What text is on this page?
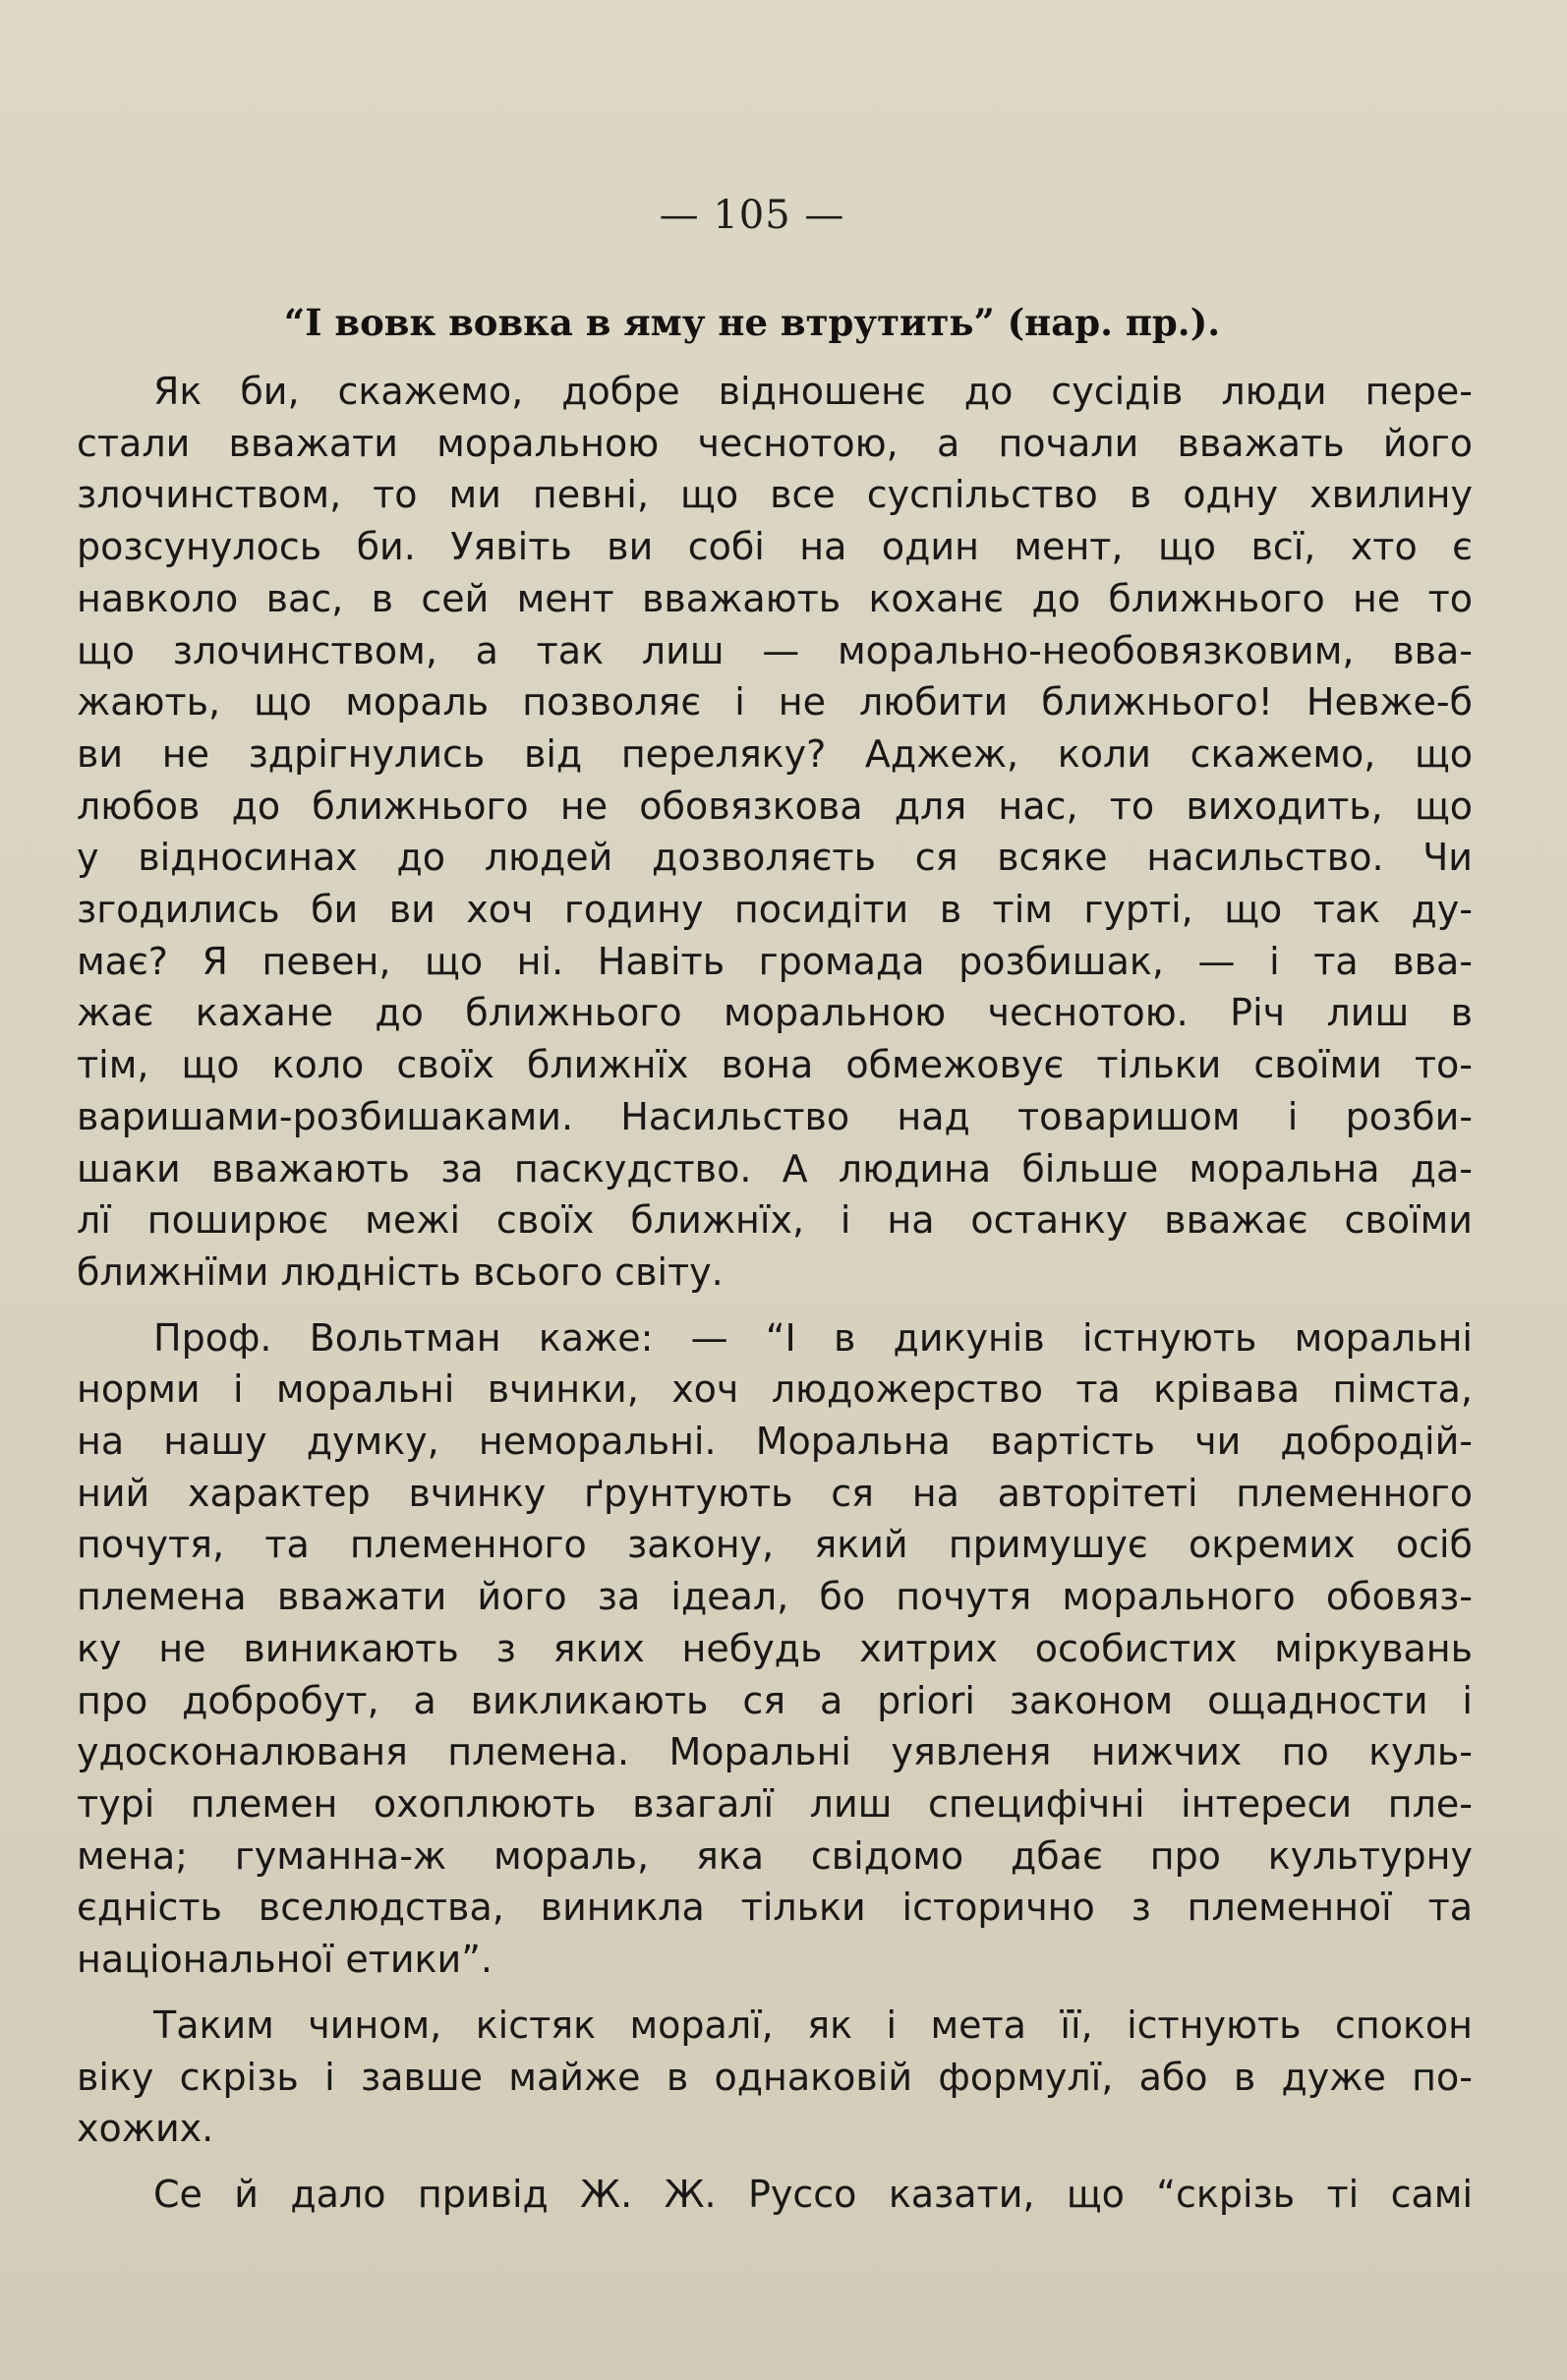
— 105 —
“І вовк вовка в яму не втрутить” (нар. пр.).
Як би, скажемо, добре відношенє до сусідів люди пере-
стали вважати моральною чеснотою, а почали вважать його
злочинством, то ми певні, що все суспільство в одну хвилину
розсунулось би. Уявіть ви собі на один мент, що всї, хто є
навколо вас, в сей мент вважають коханє до ближнього не то
що злочинством, а так лиш — морально-необовязковим, вва-
жають, що мораль позволяє і не любити ближнього! Невже-б
ви не здрігнулись від переляку? Аджеж, коли скажемо, що
любов до ближнього не обовязкова для нас, то виходить, що
у відносинах до людей дозволяєть ся всяке насильство. Чи
згодились би ви хоч годину посидіти в тім гурті, що так ду-
має? Я певен, що ні. Навіть громада розбишак, — і та вва-
жає кахане до ближнього моральною чеснотою. Річ лиш в
тім, що коло своїх ближнїх вона обмежовує тільки своїми то-
варишами-розбишаками. Насильство над товаришом і розби-
шаки вважають за паскудство. А людина більше моральна да-
лї поширює межі своїх ближнїх, і на останку вважає своїми
ближнїми людність всього світу.
Проф. Вольтман каже: — “І в дикунів істнують моральні
норми і моральні вчинки, хоч людожерство та крівава пімста,
на нашу думку, неморальні. Моральна вартість чи добродій-
ний характер вчинку ґрунтують ся на авторітеті племенного
почутя, та племенного закону, який примушує окремих осіб
племена вважати його за ідеал, бо почутя морального обовяз-
ку не виникають з яких небудь хитрих особистих міркувань
про добробут, а викликають ся a priori законом ощадности і
удосконалюваня племена. Моральні уявленя нижчих по куль-
турі племен охоплюють взагалї лиш специфічні інтереси пле-
мена; гуманна-ж мораль, яка свідомо дбає про культурну
єдність вселюдства, виникла тільки історично з племенної та
національної етики”.
Таким чином, кістяк моралї, як і мета її, істнують спокон
віку скрізь і завше майже в однаковій формулї, або в дуже по-
хожих.
Се й дало привід Ж. Ж. Руссо казати, що “скрізь ті самі
